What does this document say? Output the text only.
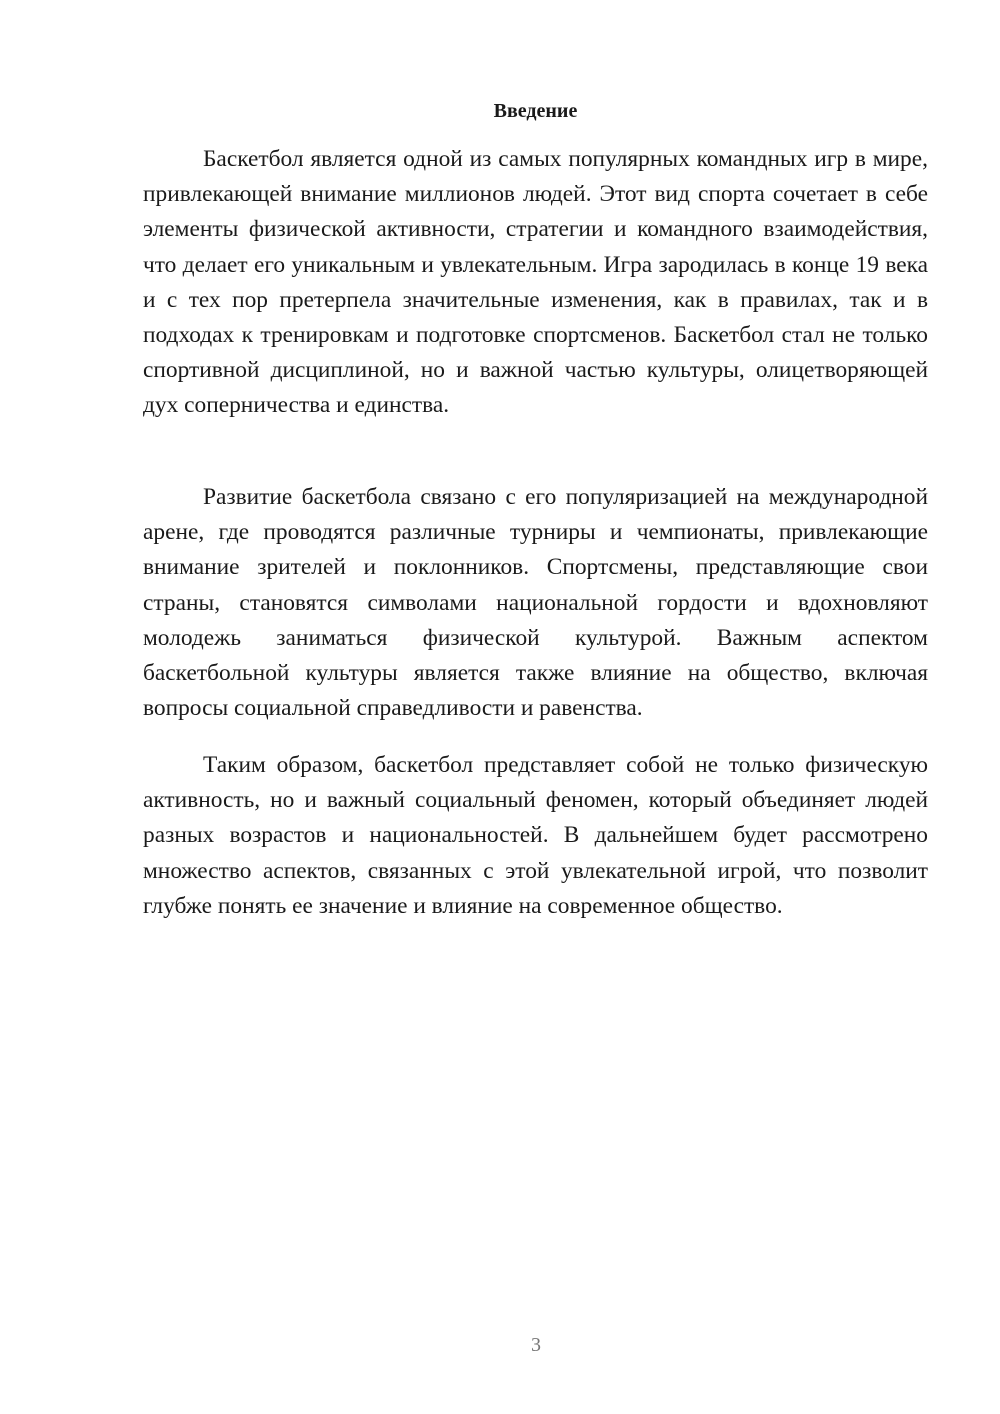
Введение

Баскетбол является одной из самых популярных командных игр в мире, привлекающей внимание миллионов людей. Этот вид спорта сочетает в себе элементы физической активности, стратегии и командного взаимодействия, что делает его уникальным и увлекательным. Игра зародилась в конце 19 века и с тех пор претерпела значительные изменения, как в правилах, так и в подходах к тренировкам и подготовке спортсменов. Баскетбол стал не только спортивной дисциплиной, но и важной частью культуры, олицетворяющей дух соперничества и единства.

Развитие баскетбола связано с его популяризацией на международной арене, где проводятся различные турниры и чемпионаты, привлекающие внимание зрителей и поклонников. Спортсмены, представляющие свои страны, становятся символами национальной гордости и вдохновляют молодежь заниматься физической культурой. Важным аспектом баскетбольной культуры является также влияние на общество, включая вопросы социальной справедливости и равенства.

Таким образом, баскетбол представляет собой не только физическую активность, но и важный социальный феномен, который объединяет людей разных возрастов и национальностей. В дальнейшем будет рассмотрено множество аспектов, связанных с этой увлекательной игрой, что позволит глубже понять ее значение и влияние на современное общество.

3
